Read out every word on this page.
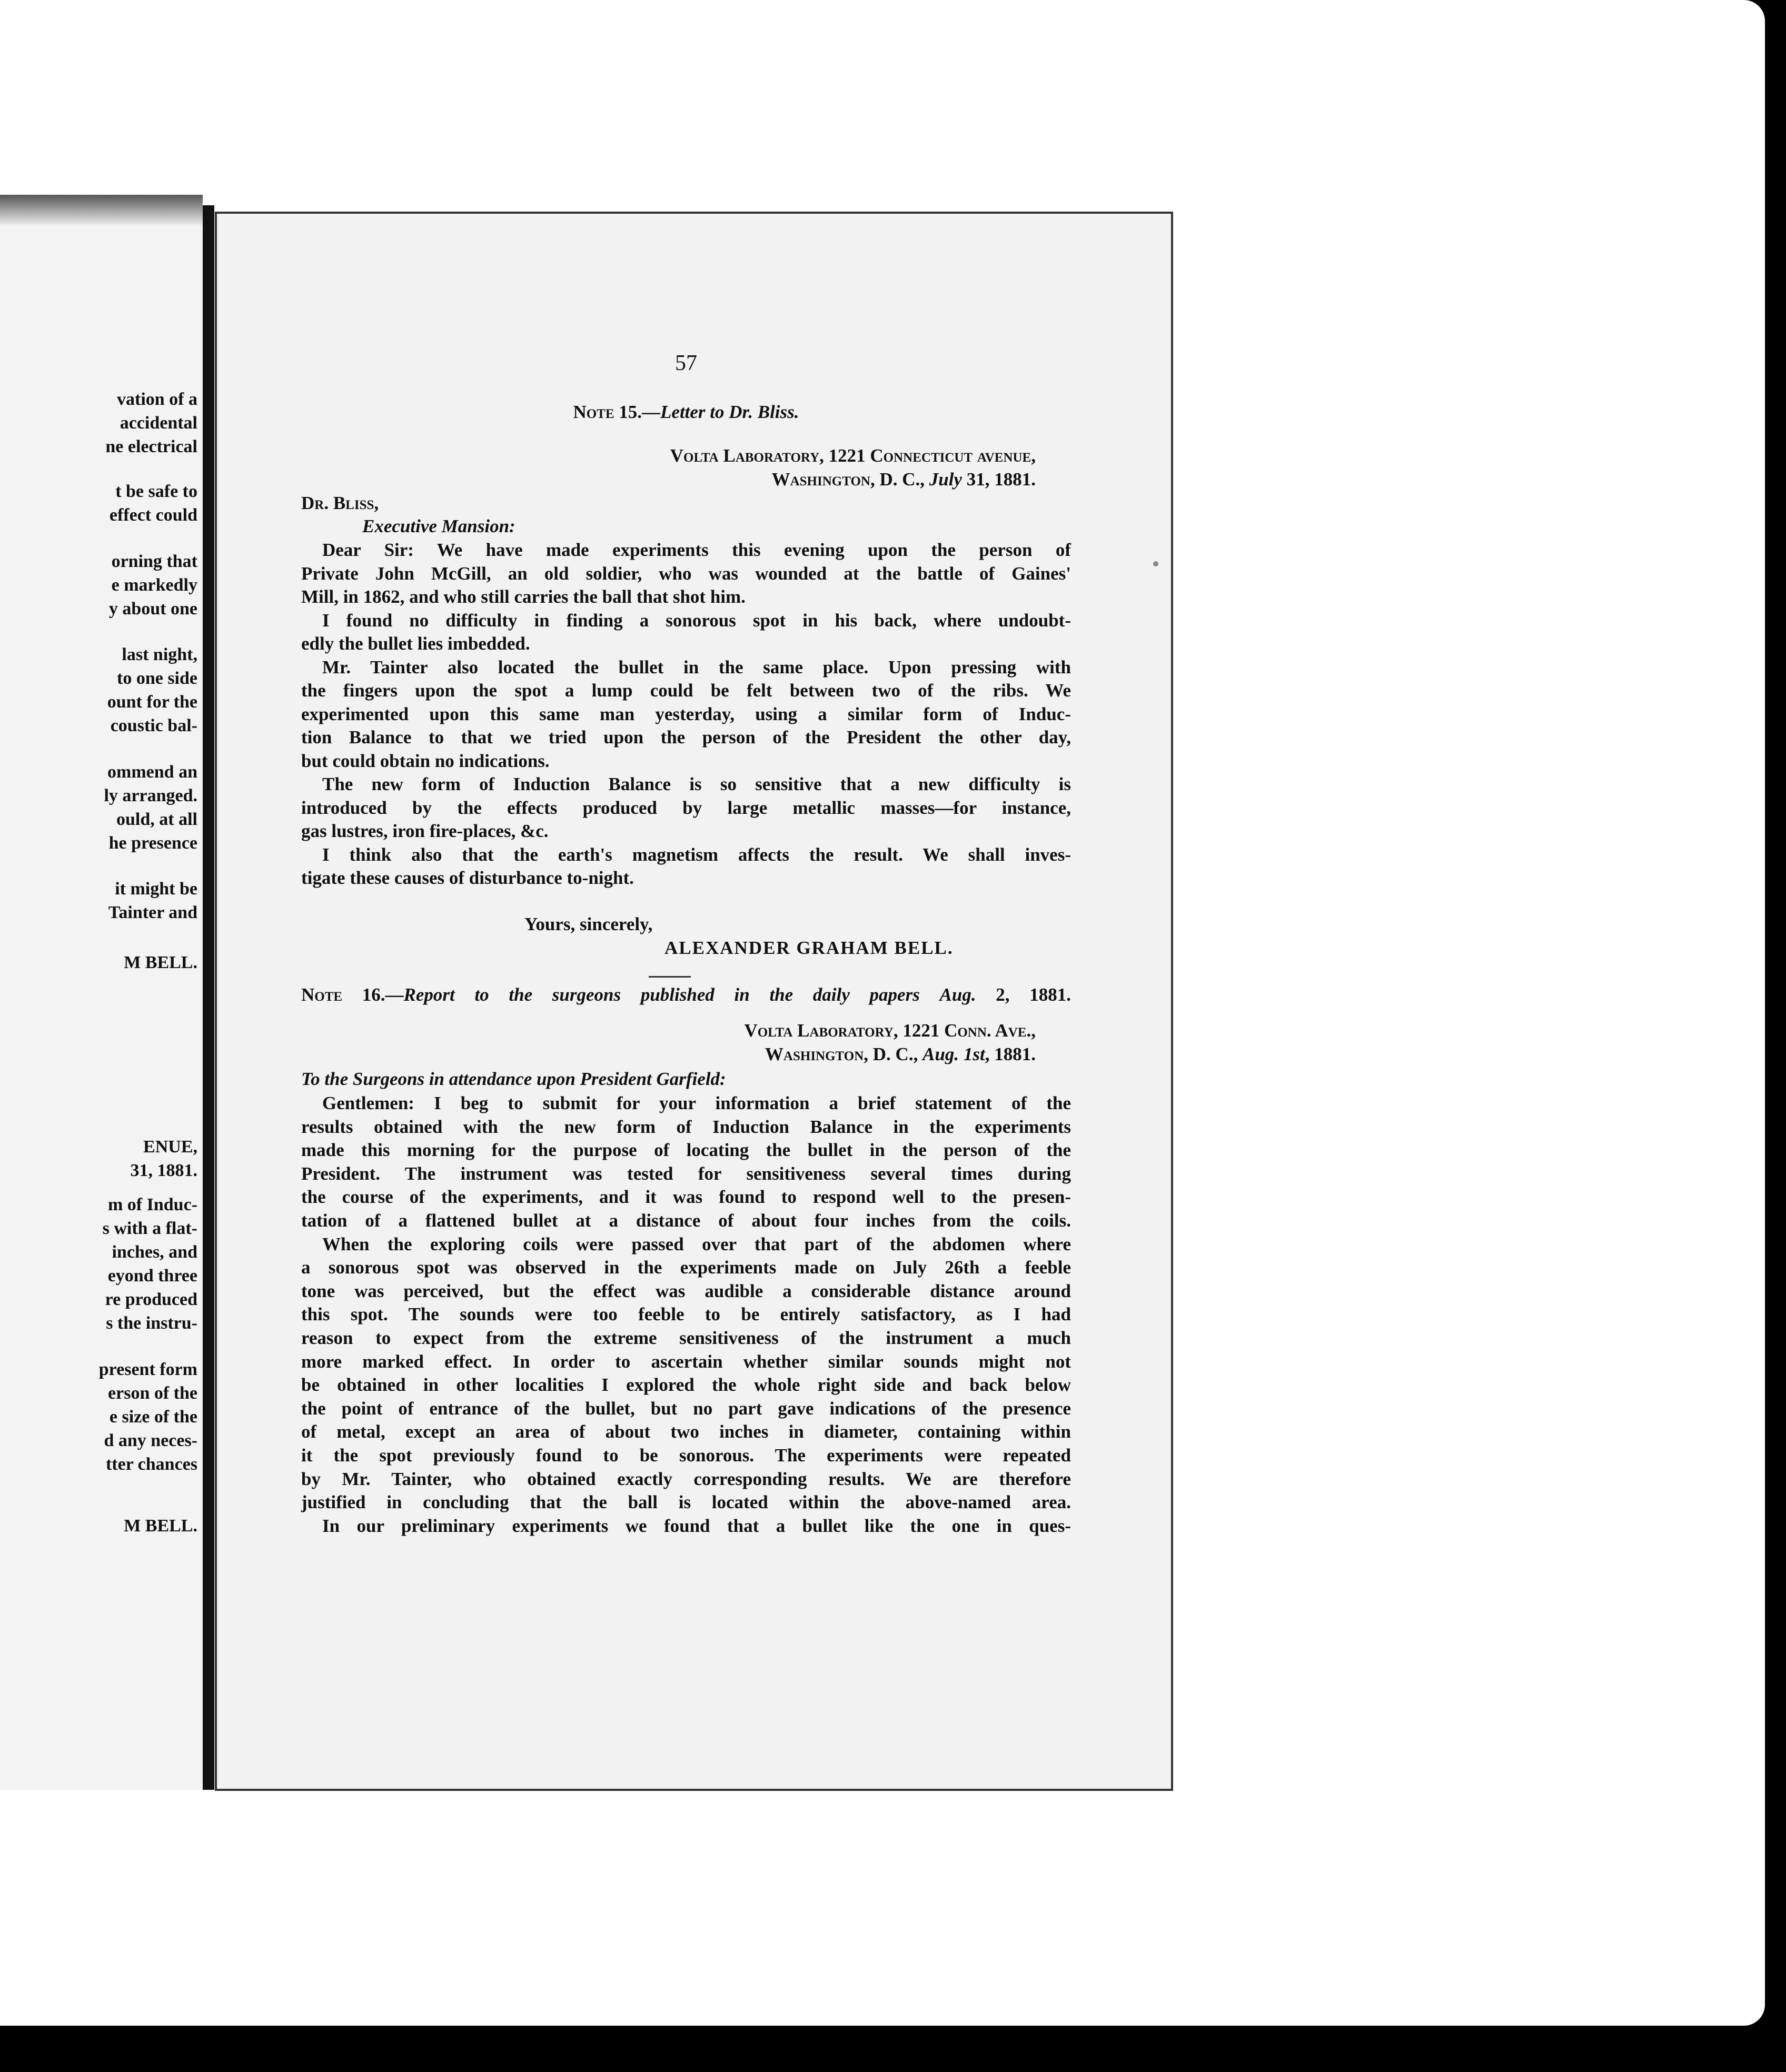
vation of a
accidental
ne electrical
t be safe to
effect could
orning that
e markedly
y about one
last night,
to one side
ount for the
coustic bal-
ommend an
ly arranged.
ould, at all
he presence
it might be
Tainter and
M BELL.
ENUE,
31, 1881.
m of Induc-
s with a flat-
inches, and
eyond three
re produced
s the instru-
present form
erson of the
e size of the
d any neces-
tter chances
M BELL.
57
Note 15.—Letter to Dr. Bliss.
Volta Laboratory, 1221 Connecticut avenue,
Washington, D. C., July 31, 1881.
Dr. Bliss,
Executive Mansion:
Dear Sir: We have made experiments this evening upon the person of
Private John McGill, an old soldier, who was wounded at the battle of Gaines'
Mill, in 1862, and who still carries the ball that shot him.
I found no difficulty in finding a sonorous spot in his back, where undoubt-
edly the bullet lies imbedded.
Mr. Tainter also located the bullet in the same place. Upon pressing with
the fingers upon the spot a lump could be felt between two of the ribs. We
experimented upon this same man yesterday, using a similar form of Induc-
tion Balance to that we tried upon the person of the President the other day,
but could obtain no indications.
The new form of Induction Balance is so sensitive that a new difficulty is
introduced by the effects produced by large metallic masses—for instance,
gas lustres, iron fire-places, &c.
I think also that the earth's magnetism affects the result. We shall inves-
tigate these causes of disturbance to-night.
Yours, sincerely,
ALEXANDER GRAHAM BELL.
Note 16.—Report to the surgeons published in the daily papers Aug. 2, 1881.
Volta Laboratory, 1221 Conn. Ave.,
Washington, D. C., Aug. 1st, 1881.
To the Surgeons in attendance upon President Garfield:
Gentlemen: I beg to submit for your information a brief statement of the
results obtained with the new form of Induction Balance in the experiments
made this morning for the purpose of locating the bullet in the person of the
President. The instrument was tested for sensitiveness several times during
the course of the experiments, and it was found to respond well to the presen-
tation of a flattened bullet at a distance of about four inches from the coils.
When the exploring coils were passed over that part of the abdomen where
a sonorous spot was observed in the experiments made on July 26th a feeble
tone was perceived, but the effect was audible a considerable distance around
this spot. The sounds were too feeble to be entirely satisfactory, as I had
reason to expect from the extreme sensitiveness of the instrument a much
more marked effect. In order to ascertain whether similar sounds might not
be obtained in other localities I explored the whole right side and back below
the point of entrance of the bullet, but no part gave indications of the presence
of metal, except an area of about two inches in diameter, containing within
it the spot previously found to be sonorous. The experiments were repeated
by Mr. Tainter, who obtained exactly corresponding results. We are therefore
justified in concluding that the ball is located within the above-named area.
In our preliminary experiments we found that a bullet like the one in ques-
